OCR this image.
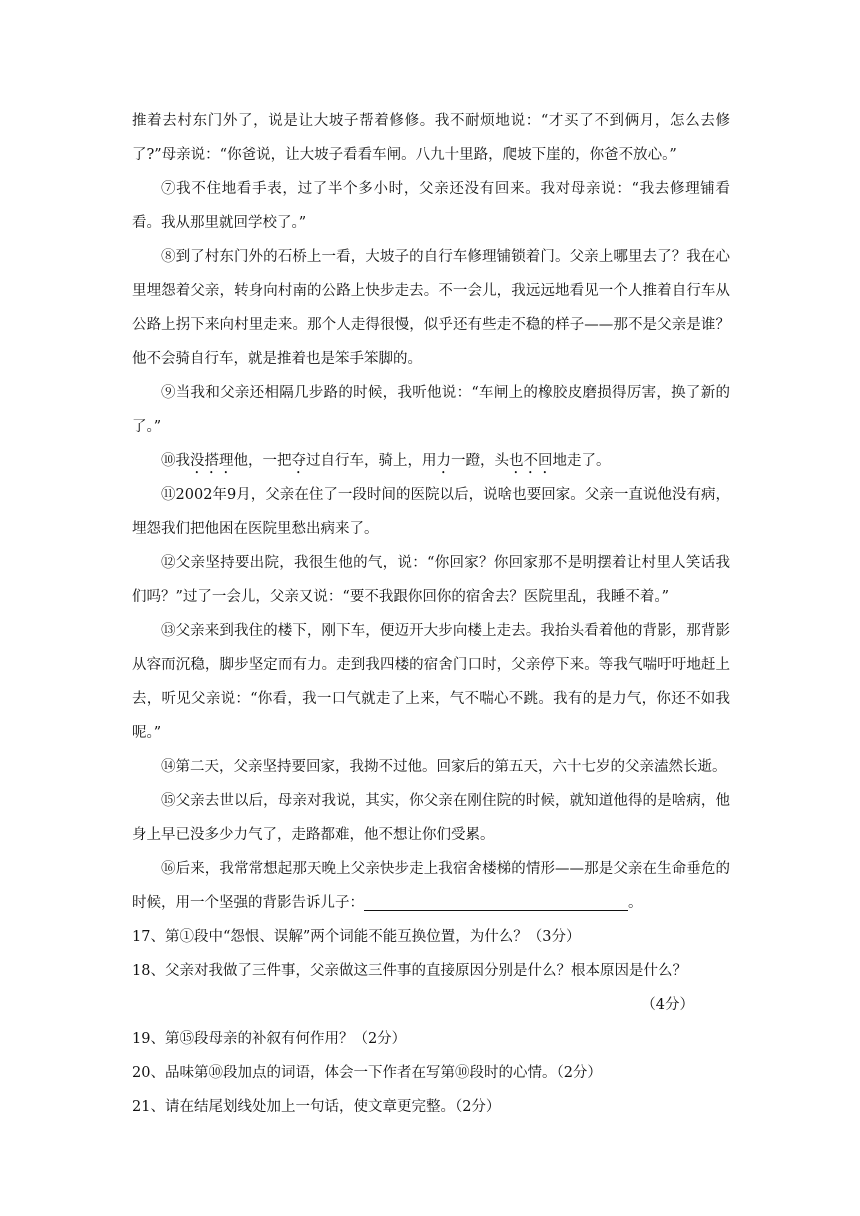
推着去村东门外了，说是让大坡子帮着修修。我不耐烦地说：“才买了不到俩月，怎么去修了?”母亲说：“你爸说，让大坡子看看车闸。八九十里路，爬坡下崖的，你爸不放心。”

⑦我不住地看手表，过了半个多小时，父亲还没有回来。我对母亲说：“我去修理铺看看。我从那里就回学校了。”

⑧到了村东门外的石桥上一看，大坡子的自行车修理铺锁着门。父亲上哪里去了？我在心里埋怨着父亲，转身向村南的公路上快步走去。不一会儿，我远远地看见一个人推着自行车从公路上拐下来向村里走来。那个人走得很慢，似乎还有些走不稳的样子——那不是父亲是谁？他不会骑自行车，就是推着也是笨手笨脚的。

⑨当我和父亲还相隔几步路的时候，我听他说：“车闸上的橡胶皮磨损得厉害，换了新的了。”

⑩我没搭理他，一把夺过自行车，骑上，用力一蹬，头也不回地走了。

⑪2002年9月，父亲在住了一段时间的医院以后，说啥也要回家。父亲一直说他没有病，埋怨我们把他困在医院里愁出病来了。

⑫父亲坚持要出院，我很生他的气，说：“你回家？你回家那不是明摆着让村里人笑话我们吗？”过了一会儿，父亲又说：“要不我跟你回你的宿舍去？医院里乱，我睡不着。”

⑬父亲来到我住的楼下，刚下车，便迈开大步向楼上走去。我抬头看着他的背影，那背影从容而沉稳，脚步坚定而有力。走到我四楼的宿舍门口时，父亲停下来。等我气喘吁吁地赶上去，听见父亲说：“你看，我一口气就走了上来，气不喘心不跳。我有的是力气，你还不如我呢。”

⑭第二天，父亲坚持要回家，我拗不过他。回家后的第五天，六十七岁的父亲溘然长逝。

⑮父亲去世以后，母亲对我说，其实，你父亲在刚住院的时候，就知道他得的是啥病，他身上早已没多少力气了，走路都难，他不想让你们受累。

⑯后来，我常常想起那天晚上父亲快步走上我宿舍楼梯的情形——那是父亲在生命垂危的时候，用一个坚强的背影告诉儿子：	。

17、第①段中“怨恨、误解”两个词能不能互换位置，为什么？（3分）

18、父亲对我做了三件事，父亲做这三件事的直接原因分别是什么？根本原因是什么？

（4分）

19、第⑮段母亲的补叙有何作用？（2分）

20、品味第⑩段加点的词语，体会一下作者在写第⑩段时的心情。（2分）

21、请在结尾划线处加上一句话，使文章更完整。（2分）
